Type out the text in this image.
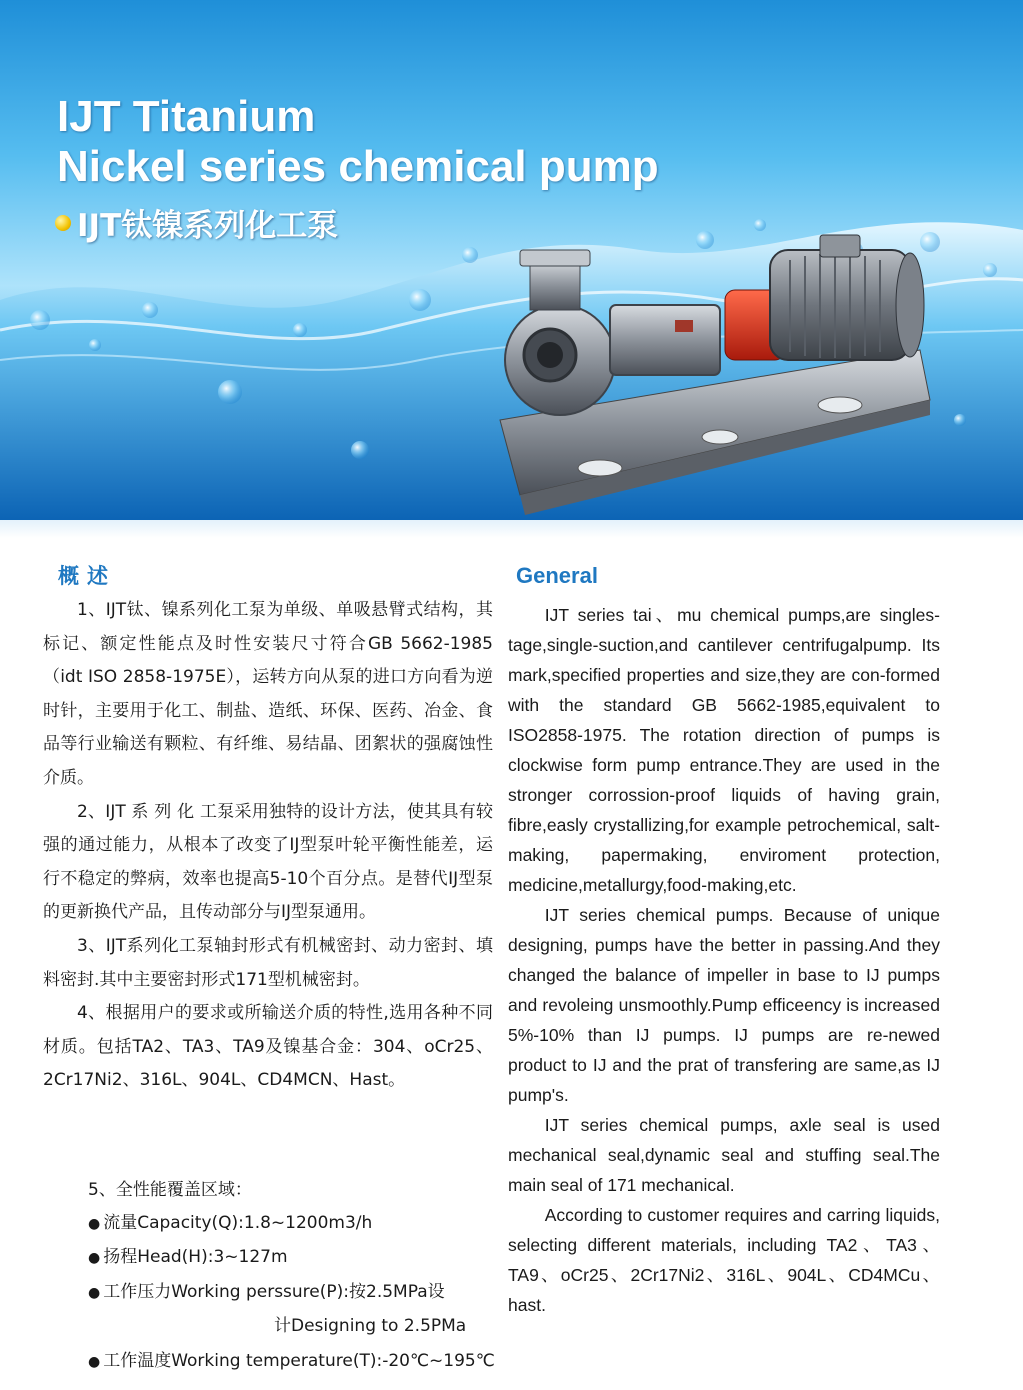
IJT Titanium
Nickel series chemical pump
IJT钛镍系列化工泵
概述

1、IJT钛、镍系列化工泵为单级、单吸悬臂式结构，其标记、额定性能点及时性安装尺寸符合GB 5662-1985（idt ISO 2858-1975E），运转方向从泵的进口方向看为逆时针，主要用于化工、制盐、造纸、环保、医药、冶金、食品等行业输送有颗粒、有纤维、易结晶、团絮状的强腐蚀性介质。

2、IJT 系 列 化 工泵采用独特的设计方法，使其具有较强的通过能力，从根本了改变了IJ型泵叶轮平衡性能差，运行不稳定的弊病，效率也提高5-10个百分点。是替代IJ型泵的更新换代产品，且传动部分与IJ型泵通用。

3、IJT系列化工泵轴封形式有机械密封、动力密封、填料密封.其中主要密封形式171型机械密封。

4、根据用户的要求或所输送介质的特性,选用各种不同材质。包括TA2、TA3、TA9及镍基合金：304、oCr25、2Cr17Ni2、316L、904L、CD4MCN、Hast。

5、全性能覆盖区域：

● 流量Capacity(Q):1.8~1200m3/h

● 扬程Head(H):3~127m

● 工作压力Working perssure(P):按2.5MPa设

计Designing to 2.5PMa

● 工作温度Working temperature(T):-20℃~195℃

General

IJT series tai、mu chemical pumps,are singles-tage,single-suction,and cantilever centrifugalpump. Its mark,specified properties and size,they are con-formed with the standard GB 5662-1985,equivalent to ISO2858-1975. The rotation direction of pumps is clockwise form pump entrance.They are used in the stronger corrossion-proof liquids of having grain, fibre,easly crystallizing,for example petrochemical, salt-making, papermaking, enviroment protection, medicine,metallurgy,food-making,etc.

IJT series chemical pumps. Because of unique designing, pumps have the better in passing.And they changed the balance of impeller in base to IJ pumps and revoleing unsmoothly.Pump efficeency is increased 5%-10% than IJ pumps. IJ pumps are re-newed product to IJ and the prat of transfering are same,as IJ pump's.

IJT series chemical pumps, axle seal is used mechanical seal,dynamic seal and stuffing seal.The main seal of 171 mechanical.

According to customer requires and carring liquids, selecting different materials, including TA2、TA3、TA9、oCr25、2Cr17Ni2、316L、904L、CD4MCu、hast.
